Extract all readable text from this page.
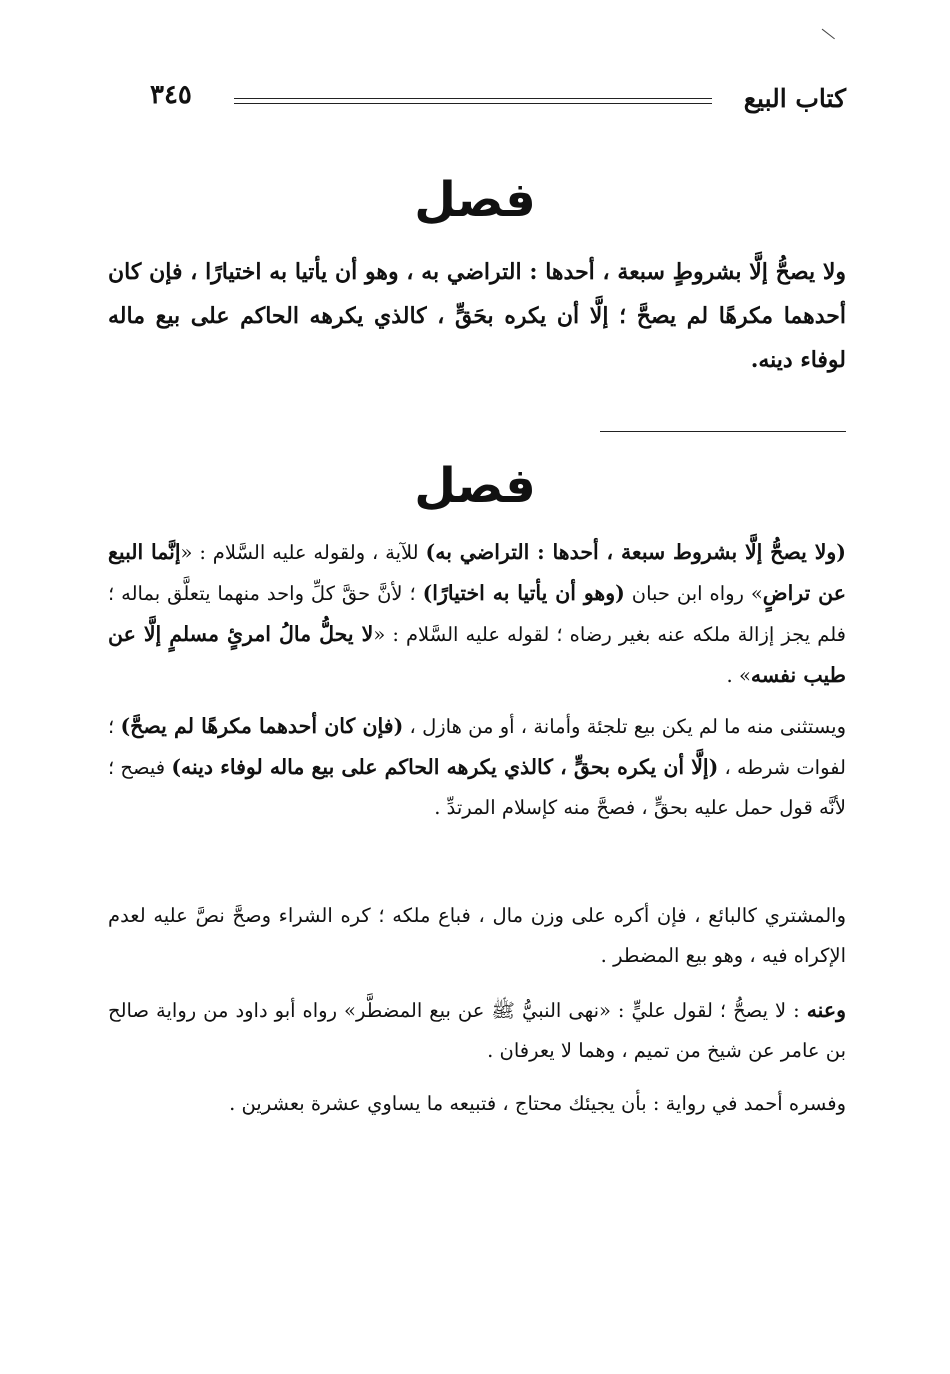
كتاب البيع
٣٤٥
فصل
ولا يصحُّ إلَّا بشروطٍ سبعة ، أحدها : التراضي به ، وهو أن يأتيا به اختيارًا ، فإن كان أحدهما مكرهًا لم يصحَّ ؛ إلَّا أن يكره بحَقٍّ ، كالذي يكرهه الحاكم على بيع ماله لوفاء دينه.
فصل
(ولا يصحُّ إلَّا بشروط سبعة ، أحدها : التراضي به) للآية ، ولقوله عليه السَّلام : «إنَّما البيع عن تراضٍ» رواه ابن حبان (وهو أن يأتيا به اختيارًا) ؛ لأنَّ حقَّ كلِّ واحد منهما يتعلَّق بماله ؛ فلم يجز إزالة ملكه عنه بغير رضاه ؛ لقوله عليه السَّلام : «لا يحلُّ مالُ امرئٍ مسلمٍ إلَّا عن طيب نفسه» .
ويستثنى منه ما لم يكن بيع تلجئة وأمانة ، أو من هازل ، (فإن كان أحدهما مكرهًا لم يصحَّ) ؛ لفوات شرطه ، (إلَّا أن يكره بحقٍّ ، كالذي يكرهه الحاكم على بيع ماله لوفاء دينه) فيصح ؛ لأنَّه قول حمل عليه بحقٍّ ، فصحَّ منه كإسلام المرتدِّ .
والمشتري كالبائع ، فإن أكره على وزن مال ، فباع ملكه ؛ كره الشراء وصحَّ نصَّ عليه لعدم الإكراه فيه ، وهو بيع المضطر .
وعنه : لا يصحُّ ؛ لقول عليٍّ : «نهى النبيُّ ﷺ عن بيع المضطَّر» رواه أبو داود من رواية صالح بن عامر عن شيخ من تميم ، وهما لا يعرفان .
وفسره أحمد في رواية : بأن يجيئك محتاج ، فتبيعه ما يساوي عشرة بعشرين .
